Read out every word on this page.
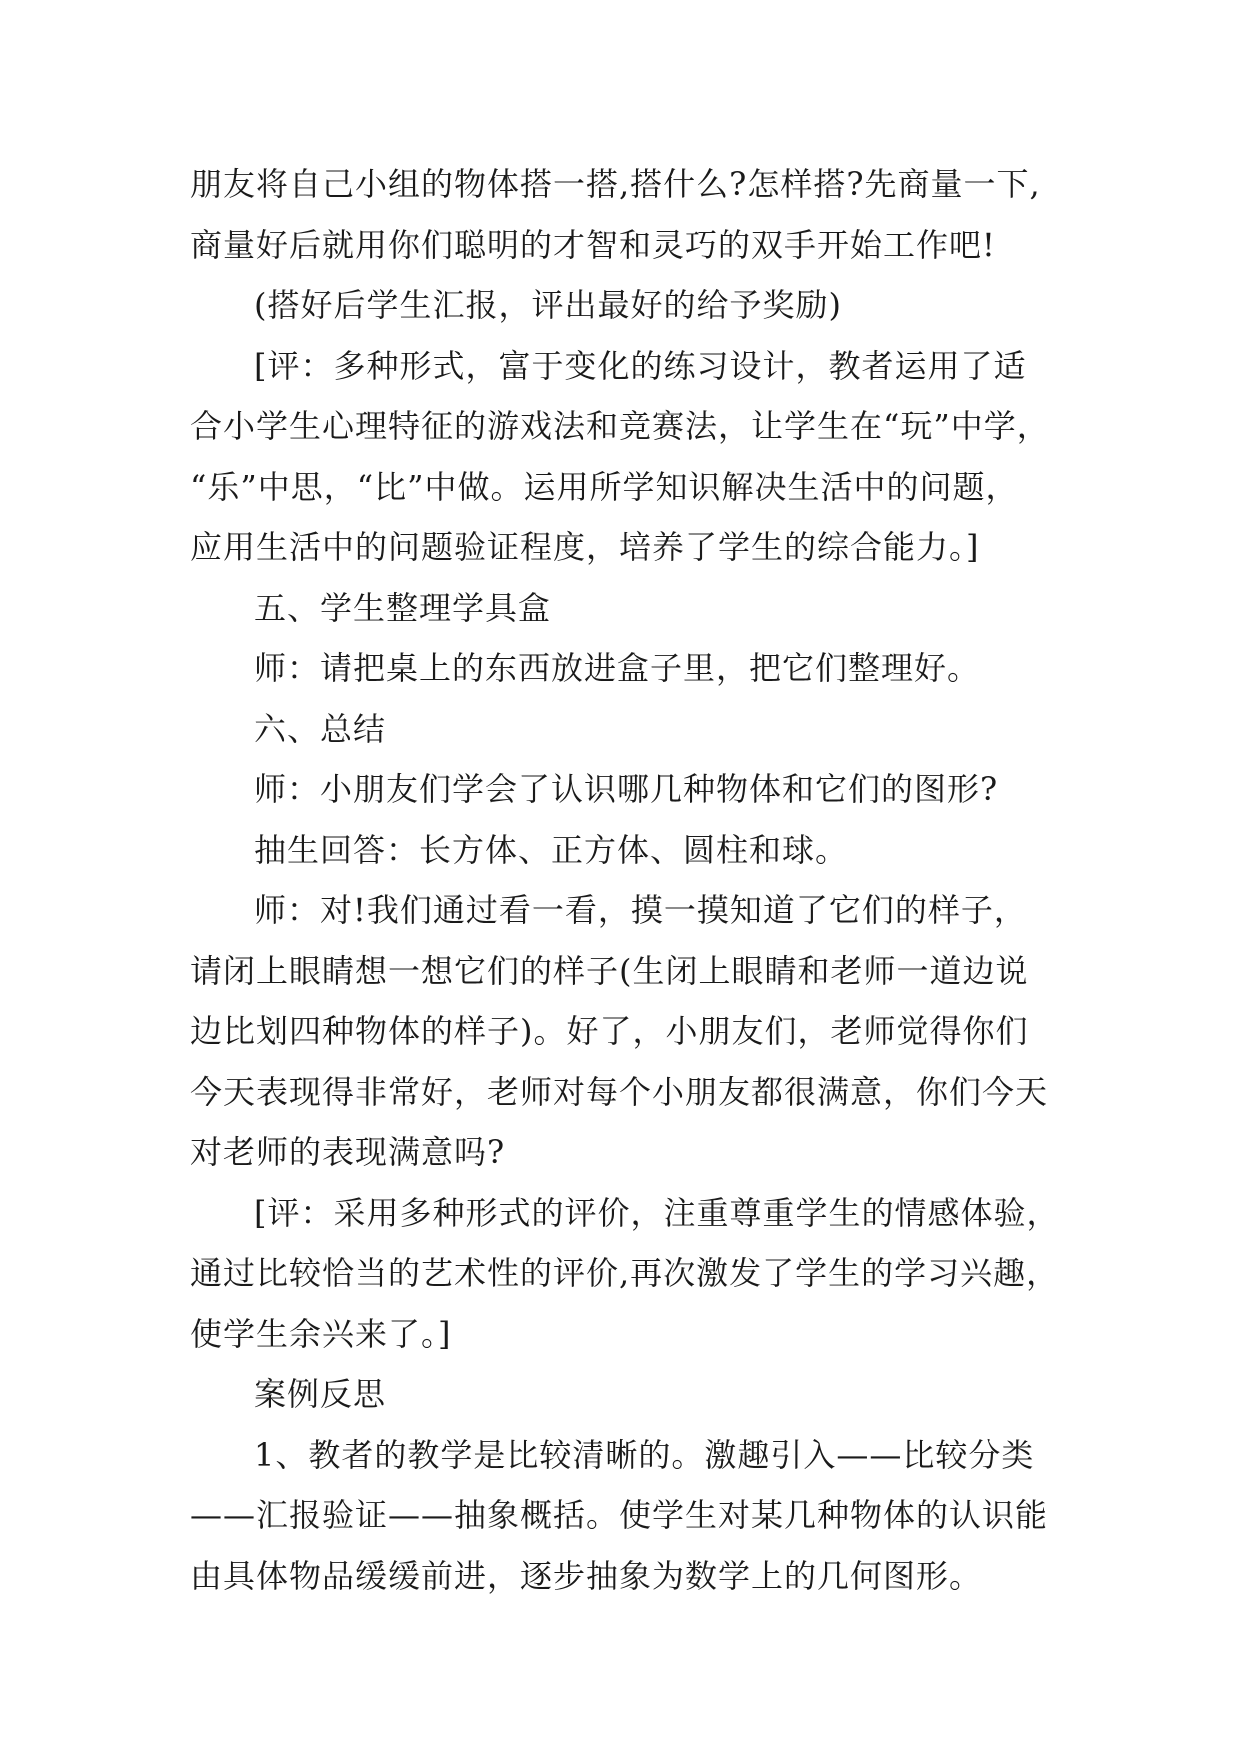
朋友将自己小组的物体搭一搭,搭什么?怎样搭?先商量一下,
商量好后就用你们聪明的才智和灵巧的双手开始工作吧!
(搭好后学生汇报，评出最好的给予奖励)
[评：多种形式，富于变化的练习设计，教者运用了适
合小学生心理特征的游戏法和竞赛法，让学生在“玩”中学，
“乐”中思，“比”中做。运用所学知识解决生活中的问题，
应用生活中的问题验证程度，培养了学生的综合能力。]
五、学生整理学具盒
师：请把桌上的东西放进盒子里，把它们整理好。
六、总结
师：小朋友们学会了认识哪几种物体和它们的图形?
抽生回答：长方体、正方体、圆柱和球。
师：对!我们通过看一看，摸一摸知道了它们的样子，
请闭上眼睛想一想它们的样子(生闭上眼睛和老师一道边说
边比划四种物体的样子)。好了，小朋友们，老师觉得你们
今天表现得非常好，老师对每个小朋友都很满意，你们今天
对老师的表现满意吗?
[评：采用多种形式的评价，注重尊重学生的情感体验，
通过比较恰当的艺术性的评价,再次激发了学生的学习兴趣，
使学生余兴来了。]
案例反思
1、教者的教学是比较清晰的。激趣引入——比较分类
——汇报验证——抽象概括。使学生对某几种物体的认识能
由具体物品缓缓前进，逐步抽象为数学上的几何图形。
